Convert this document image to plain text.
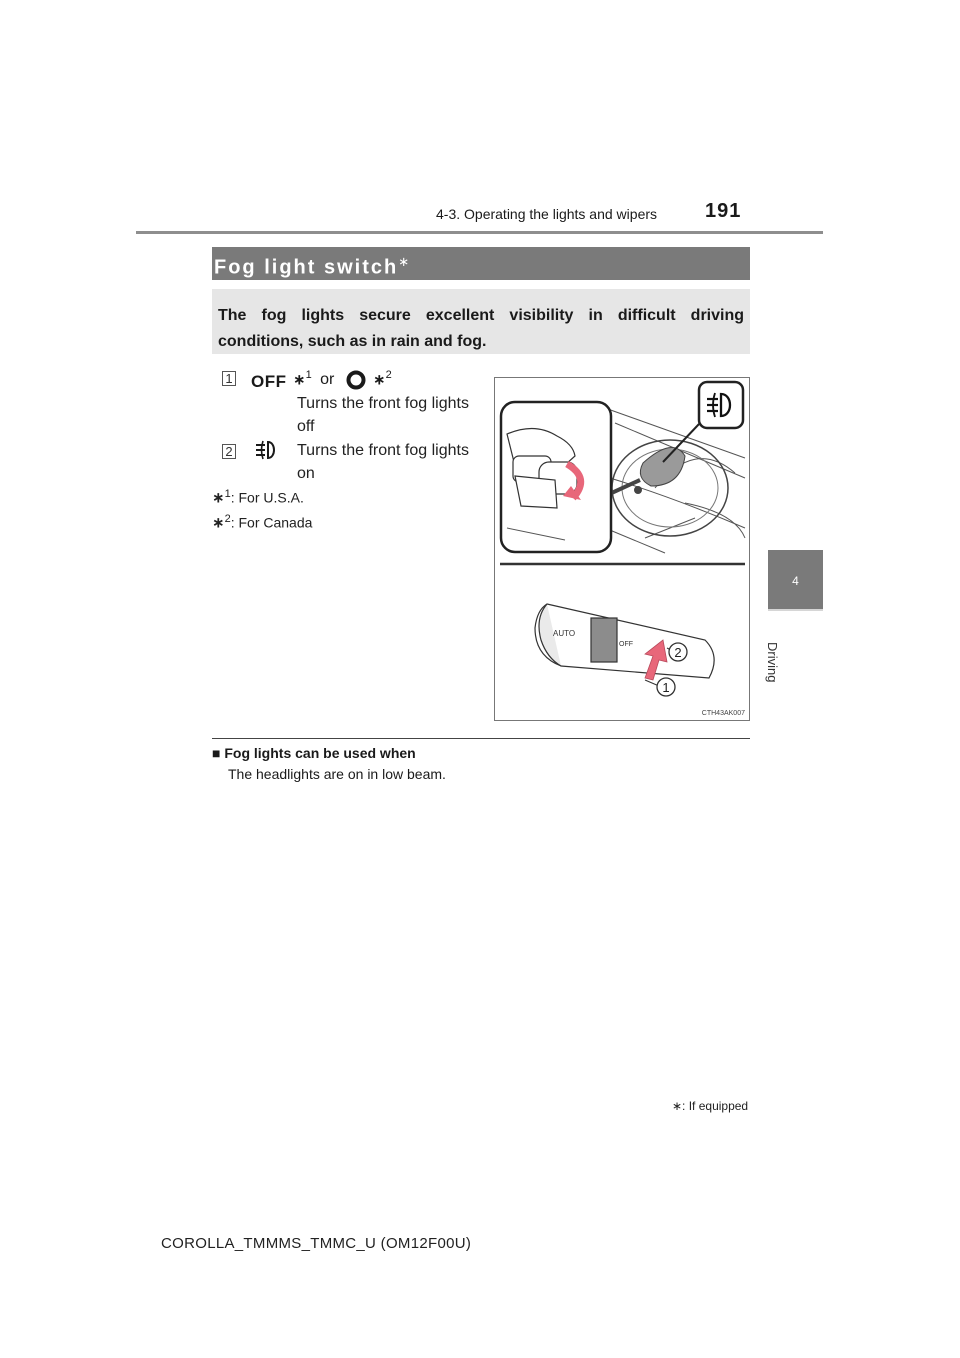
4-3. Operating the lights and wipers 191
4
Driving
Fog light switch∗
The fog lights secure excellent visibility in difficult driving conditions, such as in rain and fog.
1 OFF ∗$^1$ or	∗$^2$
Turns the front fog lights off
2	Turns the front fog lights on
∗$^1$: For U.S.A.
∗$^2$: For Canada
AUTO
OFF
2
1
CTH43AK007
■ Fog lights can be used when
The headlights are on in low beam.
∗: If equipped
COROLLA_TMMMS_TMMC_U (OM12F00U)
